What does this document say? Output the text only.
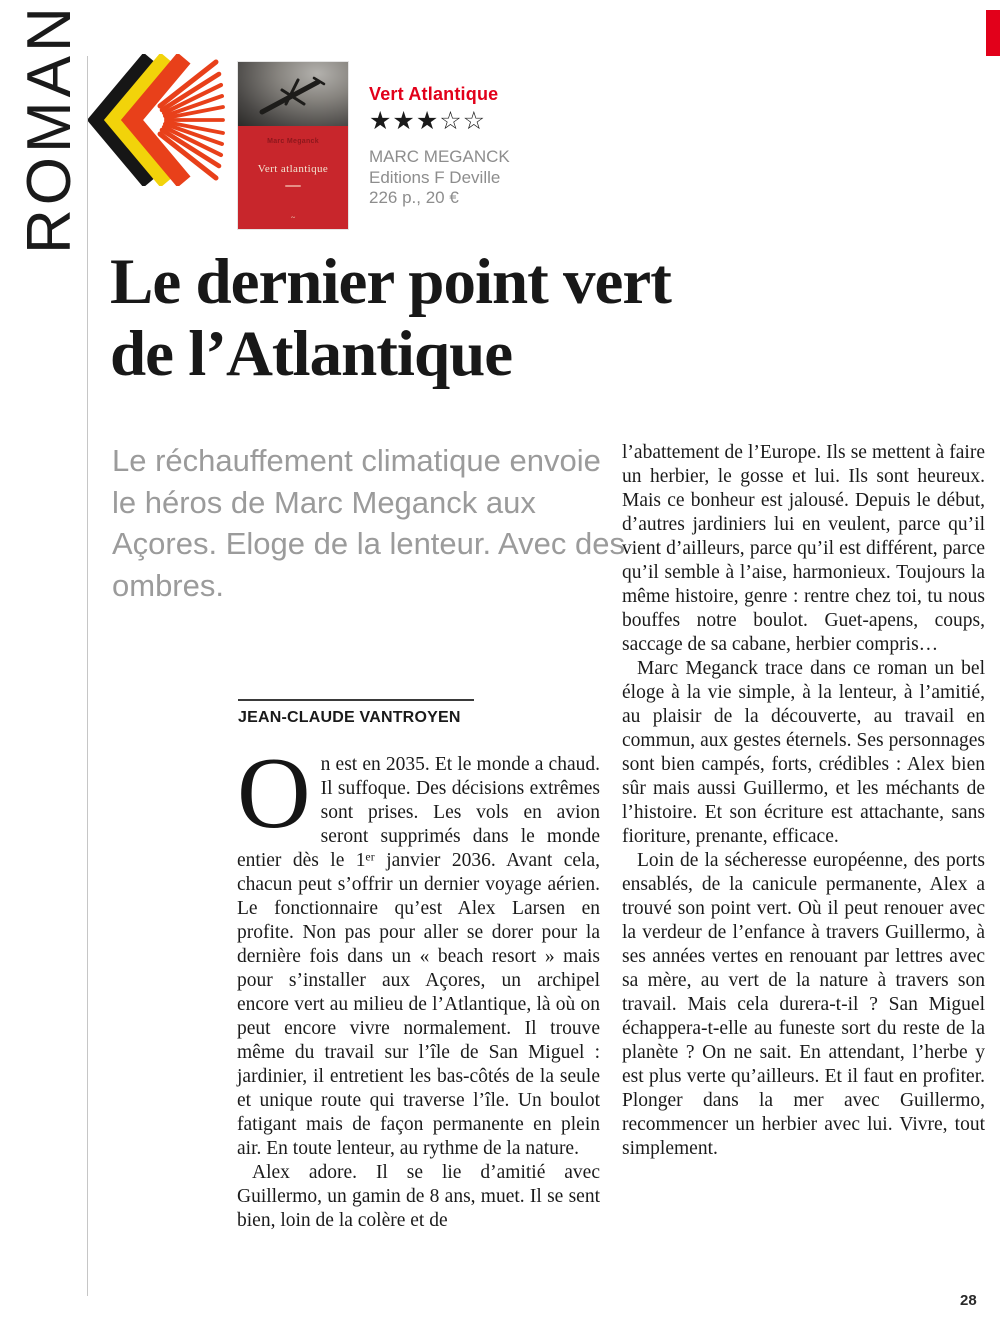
ROMAN	Marc Meganck
Vert atlantique
~
Vert Atlantique
★★★☆☆
MARC MEGANCK
Editions F Deville
226 p., 20 €
Le dernier point vert
de l’Atlantique
Le réchauffement climatique envoie le héros de Marc Meganck aux Açores. Eloge de la lenteur. Avec des ombres.
JEAN-CLAUDE VANTROYEN

On est en 2035. Et le monde a chaud. Il suffoque. Des décisions extrêmes sont prises. Les vols en avion seront supprimés dans le monde entier dès le 1ᵉʳ janvier 2036. Avant cela, chacun peut s’offrir un dernier voyage aérien. Le fonctionnaire qu’est Alex Larsen en profite. Non pas pour aller se dorer pour la dernière fois dans un « beach resort » mais pour s’installer aux Açores, un archipel encore vert au milieu de l’Atlantique, là où on peut encore vivre normalement. Il trouve même du travail sur l’île de San Miguel : jardinier, il entretient les bas-côtés de la seule et unique route qui traverse l’île. Un boulot fatigant mais de façon permanente en plein air. En toute lenteur, au rythme de la nature.

Alex adore. Il se lie d’amitié avec Guillermo, un gamin de 8 ans, muet. Il se sent bien, loin de la colère et de

l’abattement de l’Europe. Ils se mettent à faire un herbier, le gosse et lui. Ils sont heureux. Mais ce bonheur est jalousé. Depuis le début, d’autres jardiniers lui en veulent, parce qu’il vient d’ailleurs, parce qu’il est différent, parce qu’il semble à l’aise, harmonieux. Toujours la même histoire, genre : rentre chez toi, tu nous bouffes notre boulot. Guet-apens, coups, saccage de sa cabane, herbier compris…

Marc Meganck trace dans ce roman un bel éloge à la vie simple, à la lenteur, à l’amitié, au plaisir de la découverte, au travail en commun, aux gestes éternels. Ses personnages sont bien campés, forts, crédibles : Alex bien sûr mais aussi Guillermo, et les méchants de l’histoire. Et son écriture est attachante, sans fioriture, prenante, efficace.

Loin de la sécheresse européenne, des ports ensablés, de la canicule permanente, Alex a trouvé son point vert. Où il peut renouer avec la verdeur de l’enfance à travers Guillermo, à ses années vertes en renouant par lettres avec sa mère, au vert de la nature à travers son travail. Mais cela durera-t-il ? San Miguel échappera-t-elle au funeste sort du reste de la planète ? On ne sait. En attendant, l’herbe y est plus verte qu’ailleurs. Et il faut en profiter. Plonger dans la mer avec Guillermo, recommencer un herbier avec lui. Vivre, tout simplement.

28
